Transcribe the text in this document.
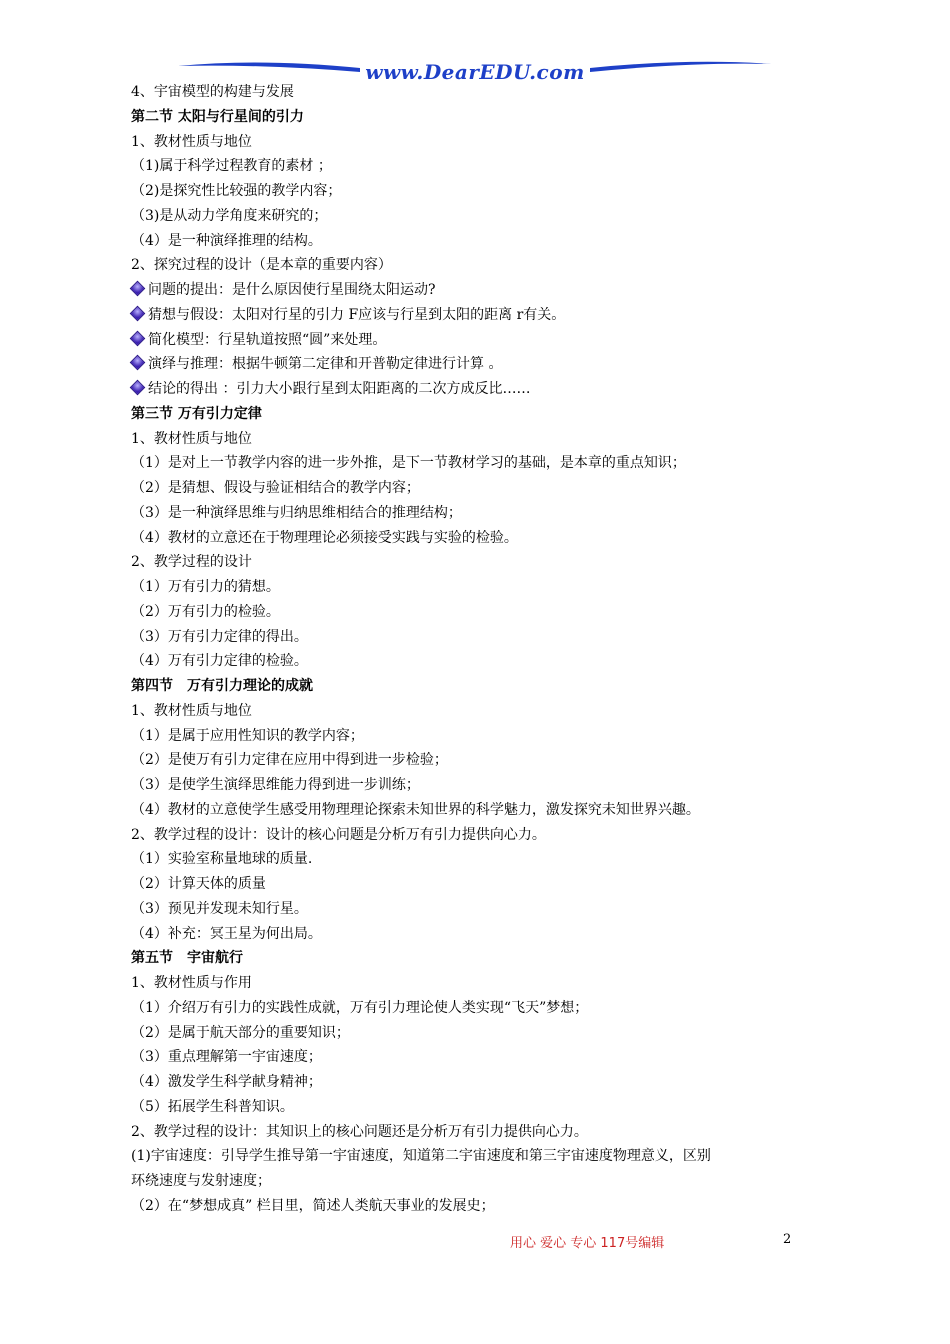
www.DearEDU.com
4、宇宙模型的构建与发展
第二节 太阳与行星间的引力
1、教材性质与地位
（1)属于科学过程教育的素材 ；
（2)是探究性比较强的教学内容；
（3)是从动力学角度来研究的；
（4）是一种演绎推理的结构。
2、探究过程的设计（是本章的重要内容）
问题的提出：是什么原因使行星围绕太阳运动?
猜想与假设：太阳对行星的引力 F应该与行星到太阳的距离 r有关。
简化模型：行星轨道按照“圆”来处理。
演绎与推理：根据牛顿第二定律和开普勒定律进行计算 。
结论的得出 ：引力大小跟行星到太阳距离的二次方成反比……
第三节 万有引力定律
1、教材性质与地位
（1）是对上一节教学内容的进一步外推，是下一节教材学习的基础，是本章的重点知识；
（2）是猜想、假设与验证相结合的教学内容；
（3）是一种演绎思维与归纳思维相结合的推理结构；
（4）教材的立意还在于物理理论必须接受实践与实验的检验。
2、教学过程的设计
（1）万有引力的猜想。
（2）万有引力的检验。
（3）万有引力定律的得出。
（4）万有引力定律的检验。
第四节　万有引力理论的成就
1、教材性质与地位
（1）是属于应用性知识的教学内容；
（2）是使万有引力定律在应用中得到进一步检验；
（3）是使学生演绎思维能力得到进一步训练；
（4）教材的立意使学生感受用物理理论探索未知世界的科学魅力，激发探究未知世界兴趣。
2、教学过程的设计：设计的核心问题是分析万有引力提供向心力。
（1）实验室称量地球的质量.
（2）计算天体的质量
（3）预见并发现未知行星。
（4）补充：冥王星为何出局。
第五节　宇宙航行
1、教材性质与作用
（1）介绍万有引力的实践性成就，万有引力理论使人类实现“飞天”梦想；
（2）是属于航天部分的重要知识；
（3）重点理解第一宇宙速度；
（4）激发学生科学献身精神；
（5）拓展学生科普知识。
2、教学过程的设计：其知识上的核心问题还是分析万有引力提供向心力。
(1)宇宙速度：引导学生推导第一宇宙速度，知道第二宇宙速度和第三宇宙速度物理意义，区别
环绕速度与发射速度；
（2）在“梦想成真” 栏目里，简述人类航天事业的发展史；
用心 爱心 专心 117号编辑	2
